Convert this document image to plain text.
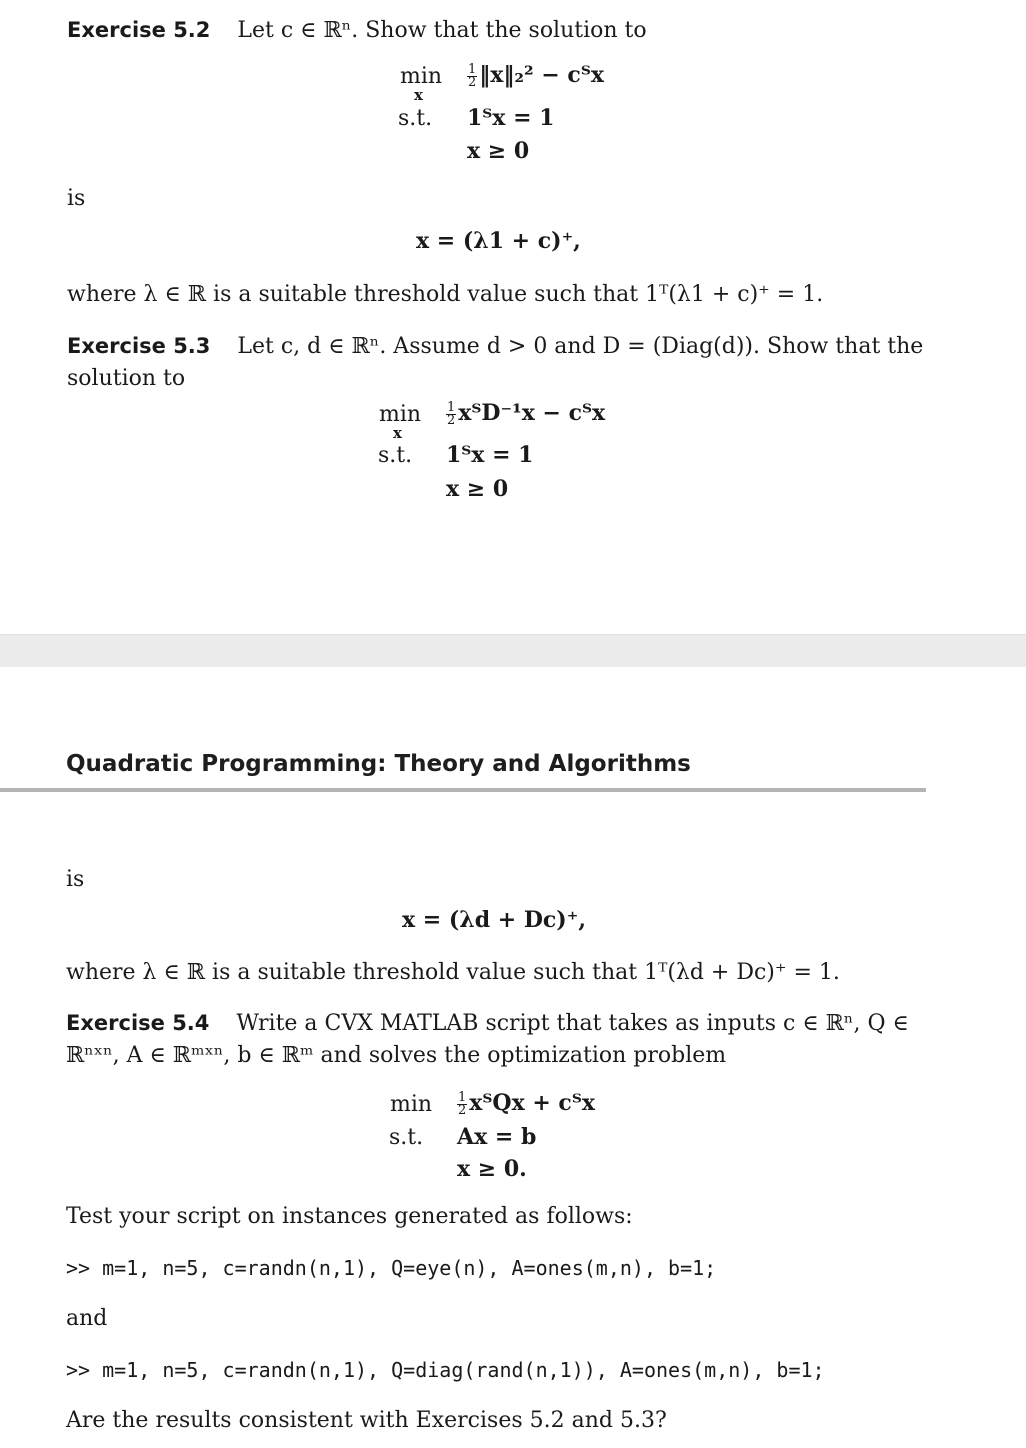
Exercise 5.2 Let c ∈ ℝⁿ. Show that the solution to
min
x
s.t.
$\frac{1}{2}$ ‖x‖₂² − cᵀx
1ᵀx = 1
x ≥ 0
is
x = (λ1 + c)⁺,
where λ ∈ ℝ is a suitable threshold value such that 1ᵀ(λ1 + c)⁺ = 1.
Exercise 5.3 Let c, d ∈ ℝⁿ. Assume d > 0 and D = (Diag(d)). Show that the
solution to
min
x
s.t.
$\frac{1}{2}$ xᵀD⁻¹x − cᵀx
1ᵀx = 1
x ≥ 0
Quadratic Programming: Theory and Algorithms
is
x = (λd + Dc)⁺,
where λ ∈ ℝ is a suitable threshold value such that 1ᵀ(λd + Dc)⁺ = 1.
Exercise 5.4 Write a CVX MATLAB script that takes as inputs c ∈ ℝⁿ, Q ∈
ℝⁿˣⁿ, A ∈ ℝᵐˣⁿ, b ∈ ℝᵐ and solves the optimization problem
min
s.t.
$\frac{1}{2}$ xᵀQx + cᵀx
Ax = b
x ≥ 0.
Test your script on instances generated as follows:
>> m=1, n=5, c=randn(n,1), Q=eye(n), A=ones(m,n), b=1;
and
>> m=1, n=5, c=randn(n,1), Q=diag(rand(n,1)), A=ones(m,n), b=1;
Are the results consistent with Exercises 5.2 and 5.3?
